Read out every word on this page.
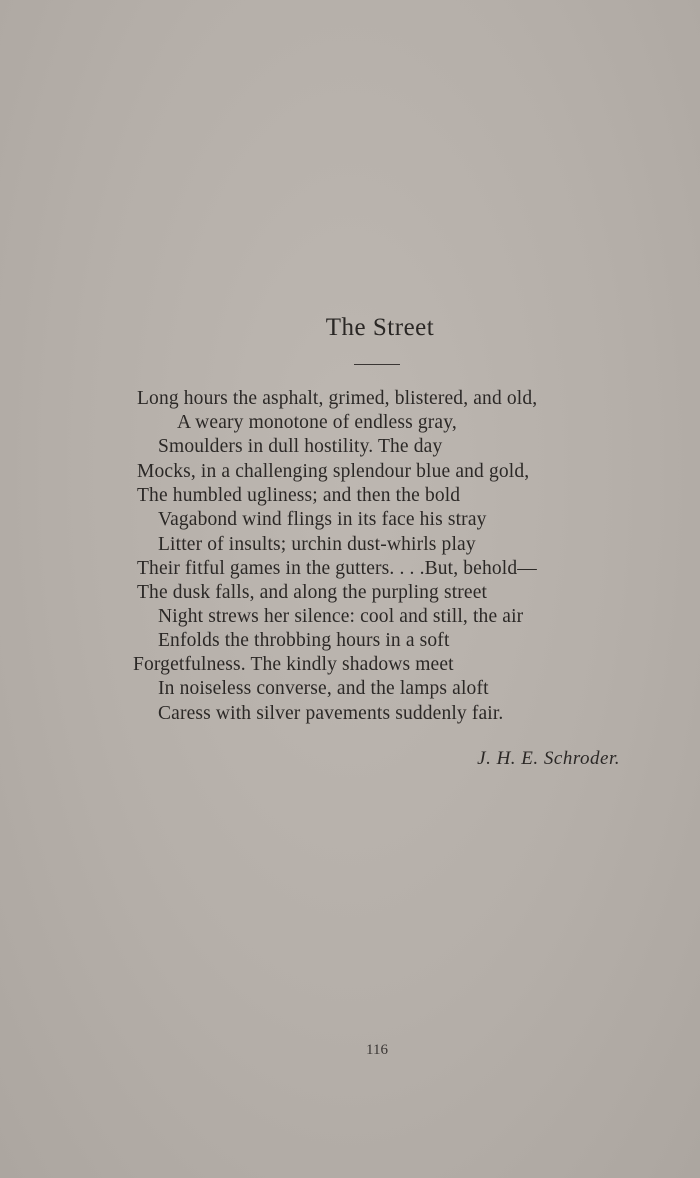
The Street
Long hours the asphalt, grimed, blistered, and old,
A weary monotone of endless gray,
Smoulders in dull hostility. The day
Mocks, in a challenging splendour blue and gold,
The humbled ugliness; and then the bold
Vagabond wind flings in its face his stray
Litter of insults; urchin dust-whirls play
Their fitful games in the gutters. . . .But, behold—
The dusk falls, and along the purpling street
Night strews her silence: cool and still, the air
Enfolds the throbbing hours in a soft
Forgetfulness. The kindly shadows meet
In noiseless converse, and the lamps aloft
Caress with silver pavements suddenly fair.
J. H. E. Schroder.
116
